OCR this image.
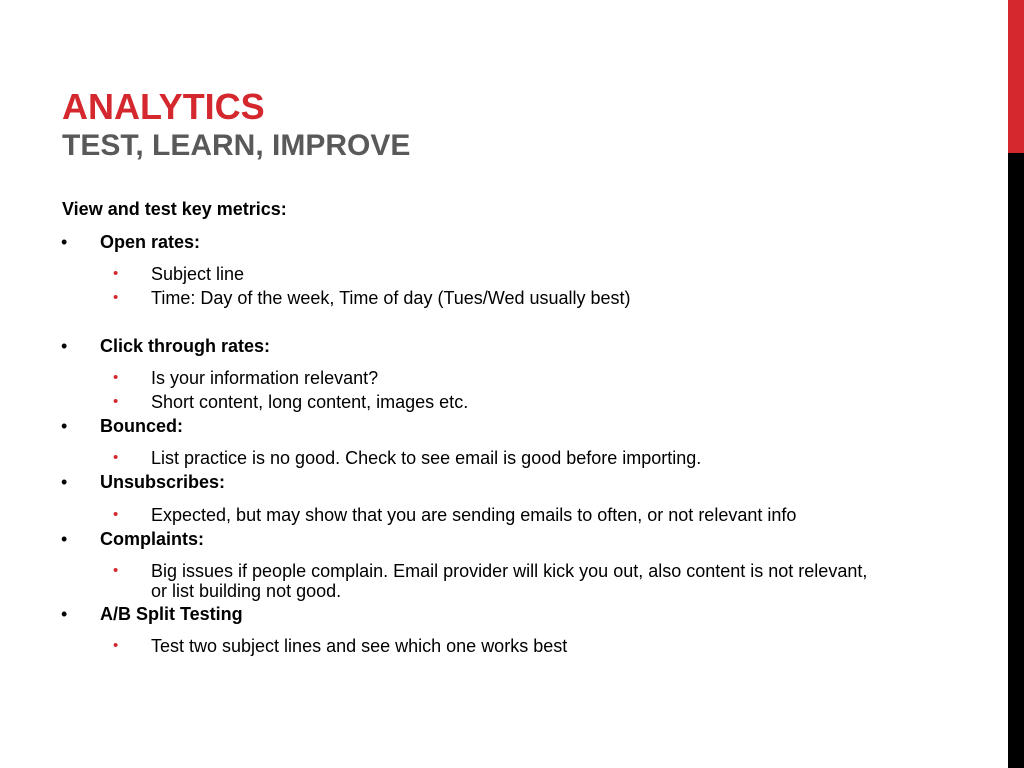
ANALYTICS
TEST, LEARN, IMPROVE
View and test key metrics:
• Open rates:
• Subject line
• Time: Day of the week, Time of day (Tues/Wed usually best)
• Click through rates:
• Is your information relevant?
• Short content, long content, images etc.
• Bounced:
• List practice is no good. Check to see email is good before importing.
• Unsubscribes:
• Expected, but may show that you are sending emails to often, or not relevant info
• Complaints:
• Big issues if people complain. Email provider will kick you out, also content is not relevant, or list building not good.
• A/B Split Testing
• Test two subject lines and see which one works best
